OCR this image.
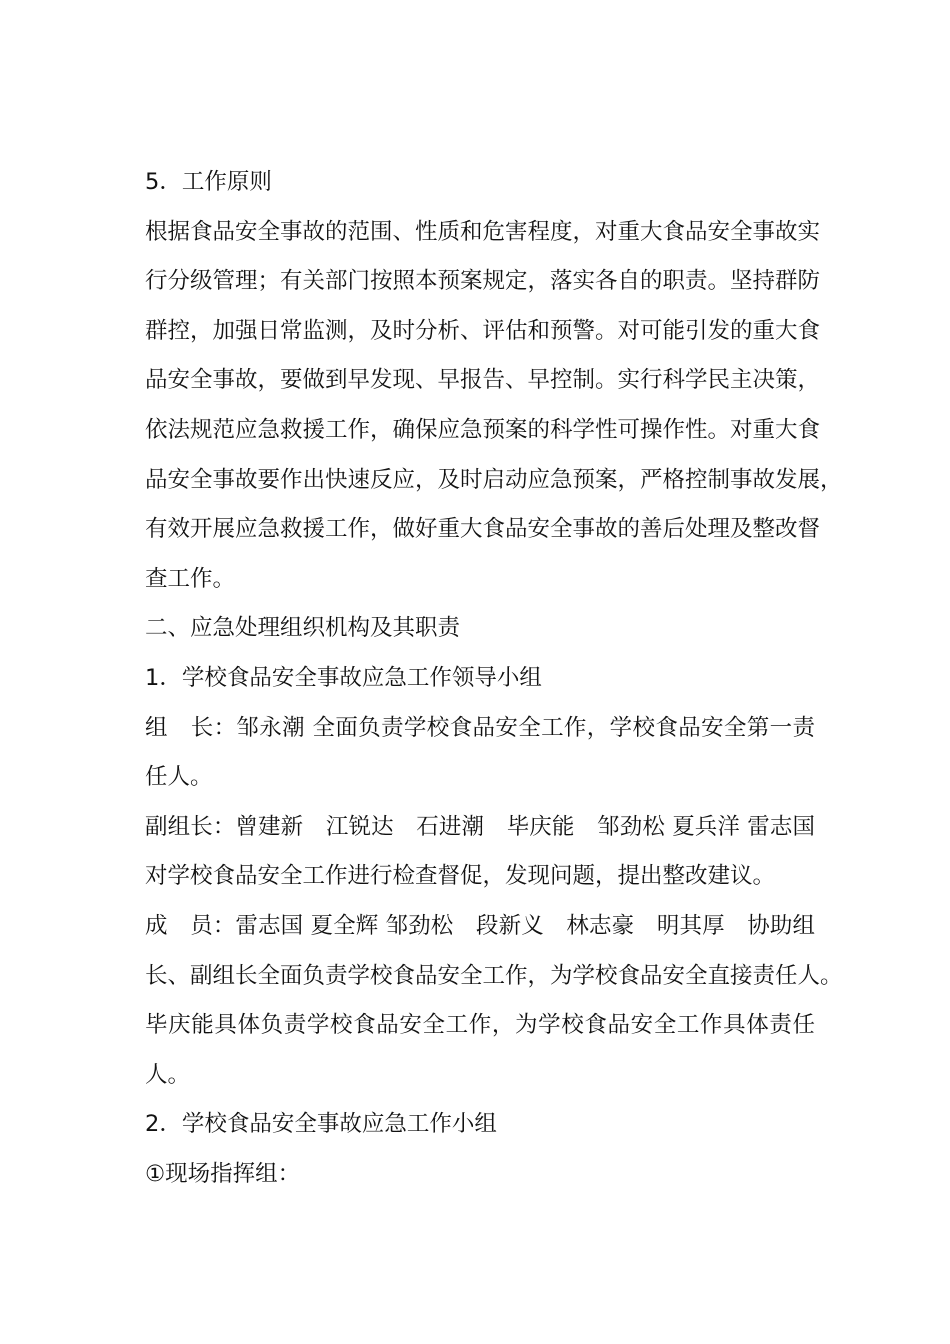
5．工作原则
根据食品安全事故的范围、性质和危害程度，对重大食品安全事故实
行分级管理；有关部门按照本预案规定，落实各自的职责。坚持群防
群控，加强日常监测，及时分析、评估和预警。对可能引发的重大食
品安全事故，要做到早发现、早报告、早控制。实行科学民主决策，
依法规范应急救援工作，确保应急预案的科学性可操作性。对重大食
品安全事故要作出快速反应，及时启动应急预案，严格控制事故发展，
有效开展应急救援工作，做好重大食品安全事故的善后处理及整改督
查工作。
二、应急处理组织机构及其职责
1．学校食品安全事故应急工作领导小组
组　长：邹永潮 全面负责学校食品安全工作，学校食品安全第一责
任人。
副组长：曾建新　江锐达　石进潮　毕庆能　邹劲松 夏兵洋 雷志国
对学校食品安全工作进行检查督促，发现问题，提出整改建议。
成　员：雷志国 夏全辉 邹劲松　段新义　林志豪　明其厚　协助组
长、副组长全面负责学校食品安全工作，为学校食品安全直接责任人。
毕庆能具体负责学校食品安全工作，为学校食品安全工作具体责任
人。
2．学校食品安全事故应急工作小组
①现场指挥组：
